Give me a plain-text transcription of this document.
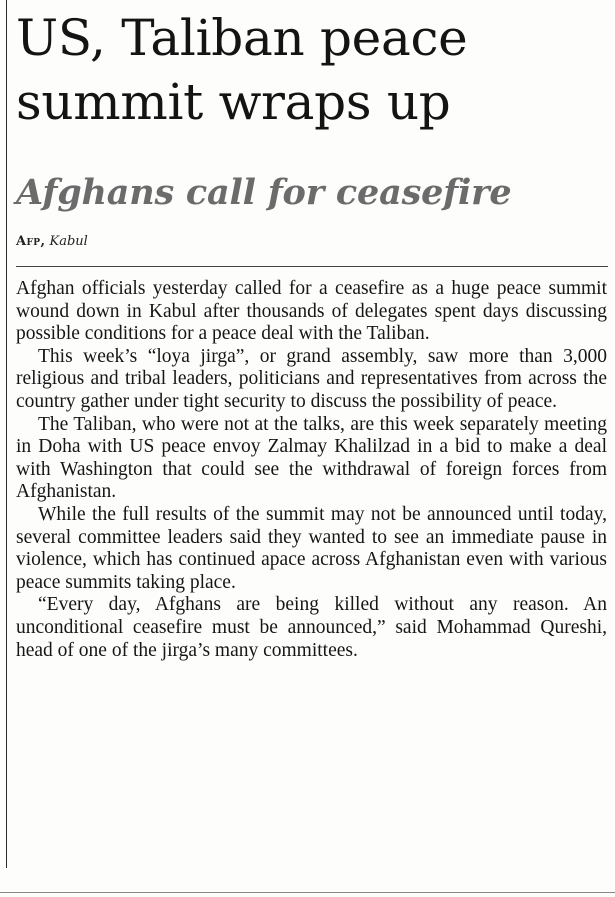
US, Taliban peace
summit wraps up
Afghans call for ceasefire
Afp, Kabul

Afghan officials yesterday called for a ceasefire as a huge peace summit wound down in Kabul after thousands of delegates spent days discussing possible conditions for a peace deal with the Taliban.

This week’s “loya jirga”, or grand assembly, saw more than 3,000 religious and tribal leaders, politicians and representatives from across the country gather under tight security to discuss the possibility of peace.

The Taliban, who were not at the talks, are this week separately meeting in Doha with US peace envoy Zalmay Khalilzad in a bid to make a deal with Washington that could see the withdrawal of foreign forces from Afghanistan.

While the full results of the summit may not be announced until today, several committee leaders said they wanted to see an immediate pause in violence, which has continued apace across Afghanistan even with various peace summits taking place.

“Every day, Afghans are being killed without any reason. An unconditional ceasefire must be announced,” said Mohammad Qureshi, head of one of the jirga’s many committees.
